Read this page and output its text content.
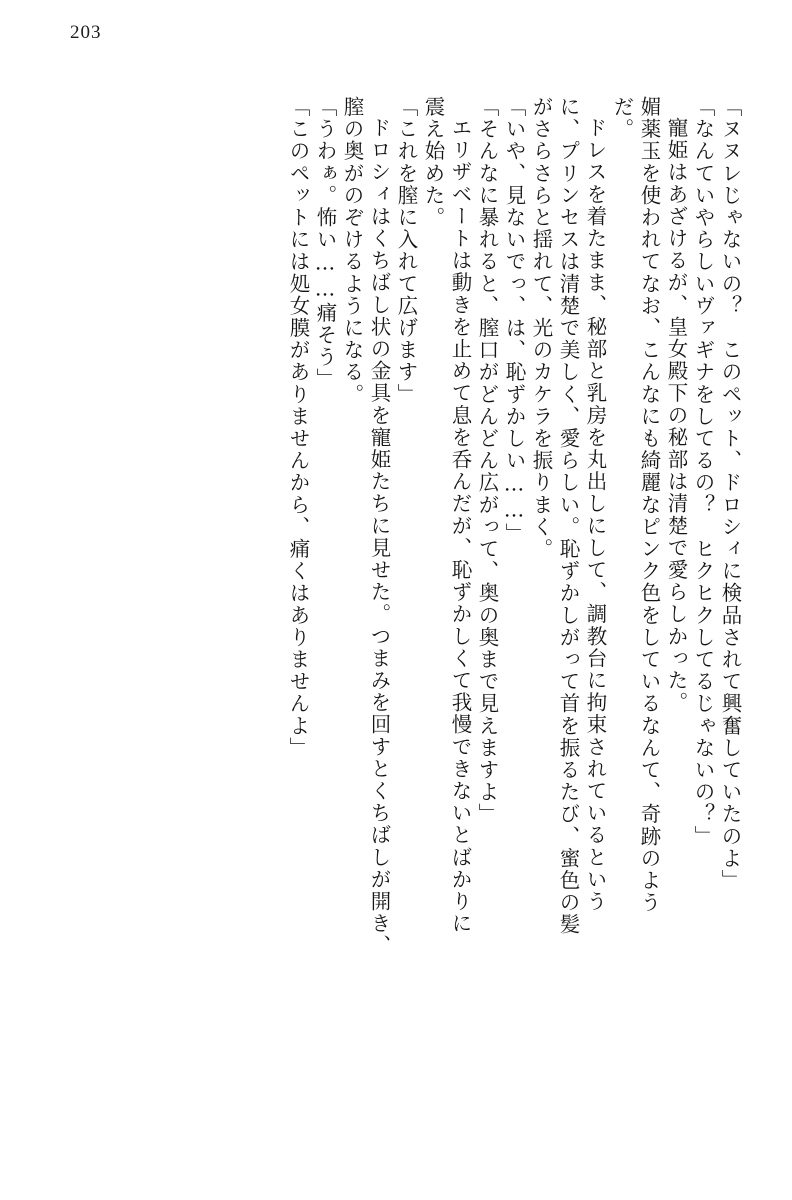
203
「ヌヌレじゃないの？　このペット、ドロシィに検品されて興奮していたのよ」
「なんていやらしいヴァギナをしてるの？　ヒクヒクしてるじゃないの？」
寵姫はあざけるが、皇女殿下の秘部は清楚で愛らしかった。
媚薬玉を使われてなお、こんなにも綺麗なピンク色をしているなんて、奇跡のよう
だ。
ドレスを着たまま、秘部と乳房を丸出しにして、調教台に拘束されているという
に、プリンセスは清楚で美しく、愛らしい。恥ずかしがって首を振るたび、蜜色の髪
がさらさらと揺れて、光のカケラを振りまく。
「いや、見ないでっ、は、恥ずかしい……」
「そんなに暴れると、膣口がどんどん広がって、奥の奥まで見えますよ」
エリザベートは動きを止めて息を呑んだが、恥ずかしくて我慢できないとばかりに
震え始めた。
「これを膣に入れて広げます」
ドロシィはくちばし状の金具を寵姫たちに見せた。つまみを回すとくちばしが開き、
膣の奥がのぞけるようになる。
「うわぁ。怖い……痛そう」
「このペットには処女膜がありませんから、痛くはありませんよ」
